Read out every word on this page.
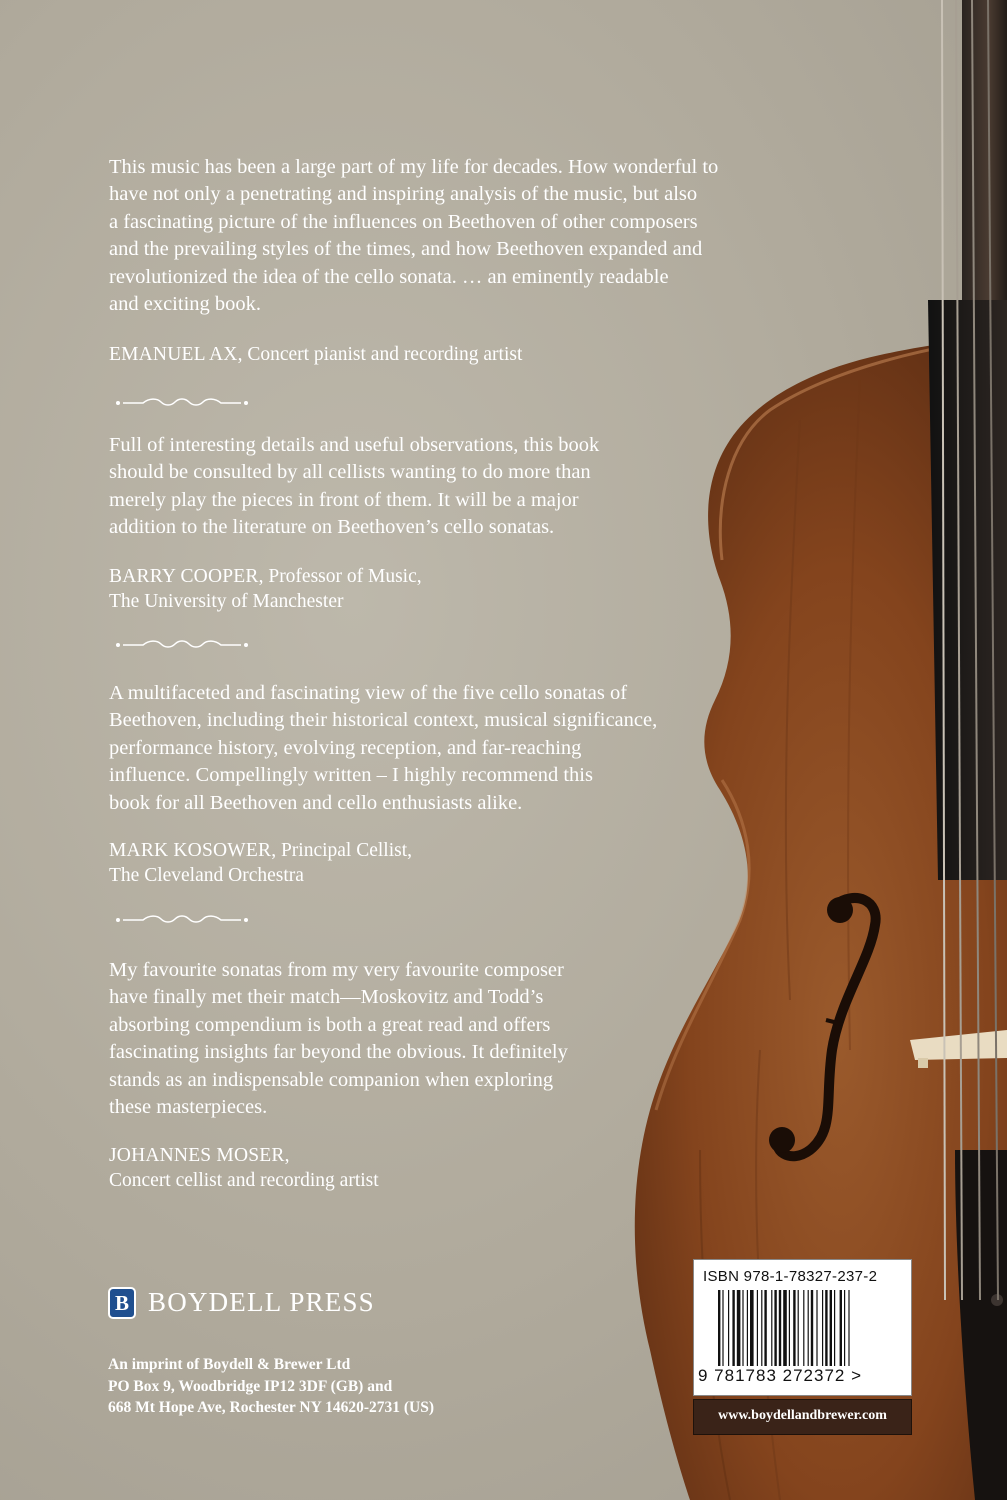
This music has been a large part of my life for decades. How wonderful to
have not only a penetrating and inspiring analysis of the music, but also
a fascinating picture of the influences on Beethoven of other composers
and the prevailing styles of the times, and how Beethoven expanded and
revolutionized the idea of the cello sonata. … an eminently readable
and exciting book.

EMANUEL AX, Concert pianist and recording artist

Full of interesting details and useful observations, this book
should be consulted by all cellists wanting to do more than
merely play the pieces in front of them. It will be a major
addition to the literature on Beethoven’s cello sonatas.

BARRY COOPER, Professor of Music,
The University of Manchester

A multifaceted and fascinating view of the five cello sonatas of
Beethoven, including their historical context, musical significance,
performance history, evolving reception, and far-reaching
influence. Compellingly written – I highly recommend this
book for all Beethoven and cello enthusiasts alike.

MARK KOSOWER, Principal Cellist,
The Cleveland Orchestra

My favourite sonatas from my very favourite composer
have finally met their match—Moskovitz and Todd’s
absorbing compendium is both a great read and offers
fascinating insights far beyond the obvious. It definitely
stands as an indispensable companion when exploring
these masterpieces.

JOHANNES MOSER,
Concert cellist and recording artist

B BOYDELL PRESS
An imprint of Boydell & Brewer Ltd
PO Box 9, Woodbridge IP12 3DF (GB) and
668 Mt Hope Ave, Rochester NY 14620-2731 (US)
ISBN 978-1-78327-237-2
9 781783 272372 >
www.boydellandbrewer.com
